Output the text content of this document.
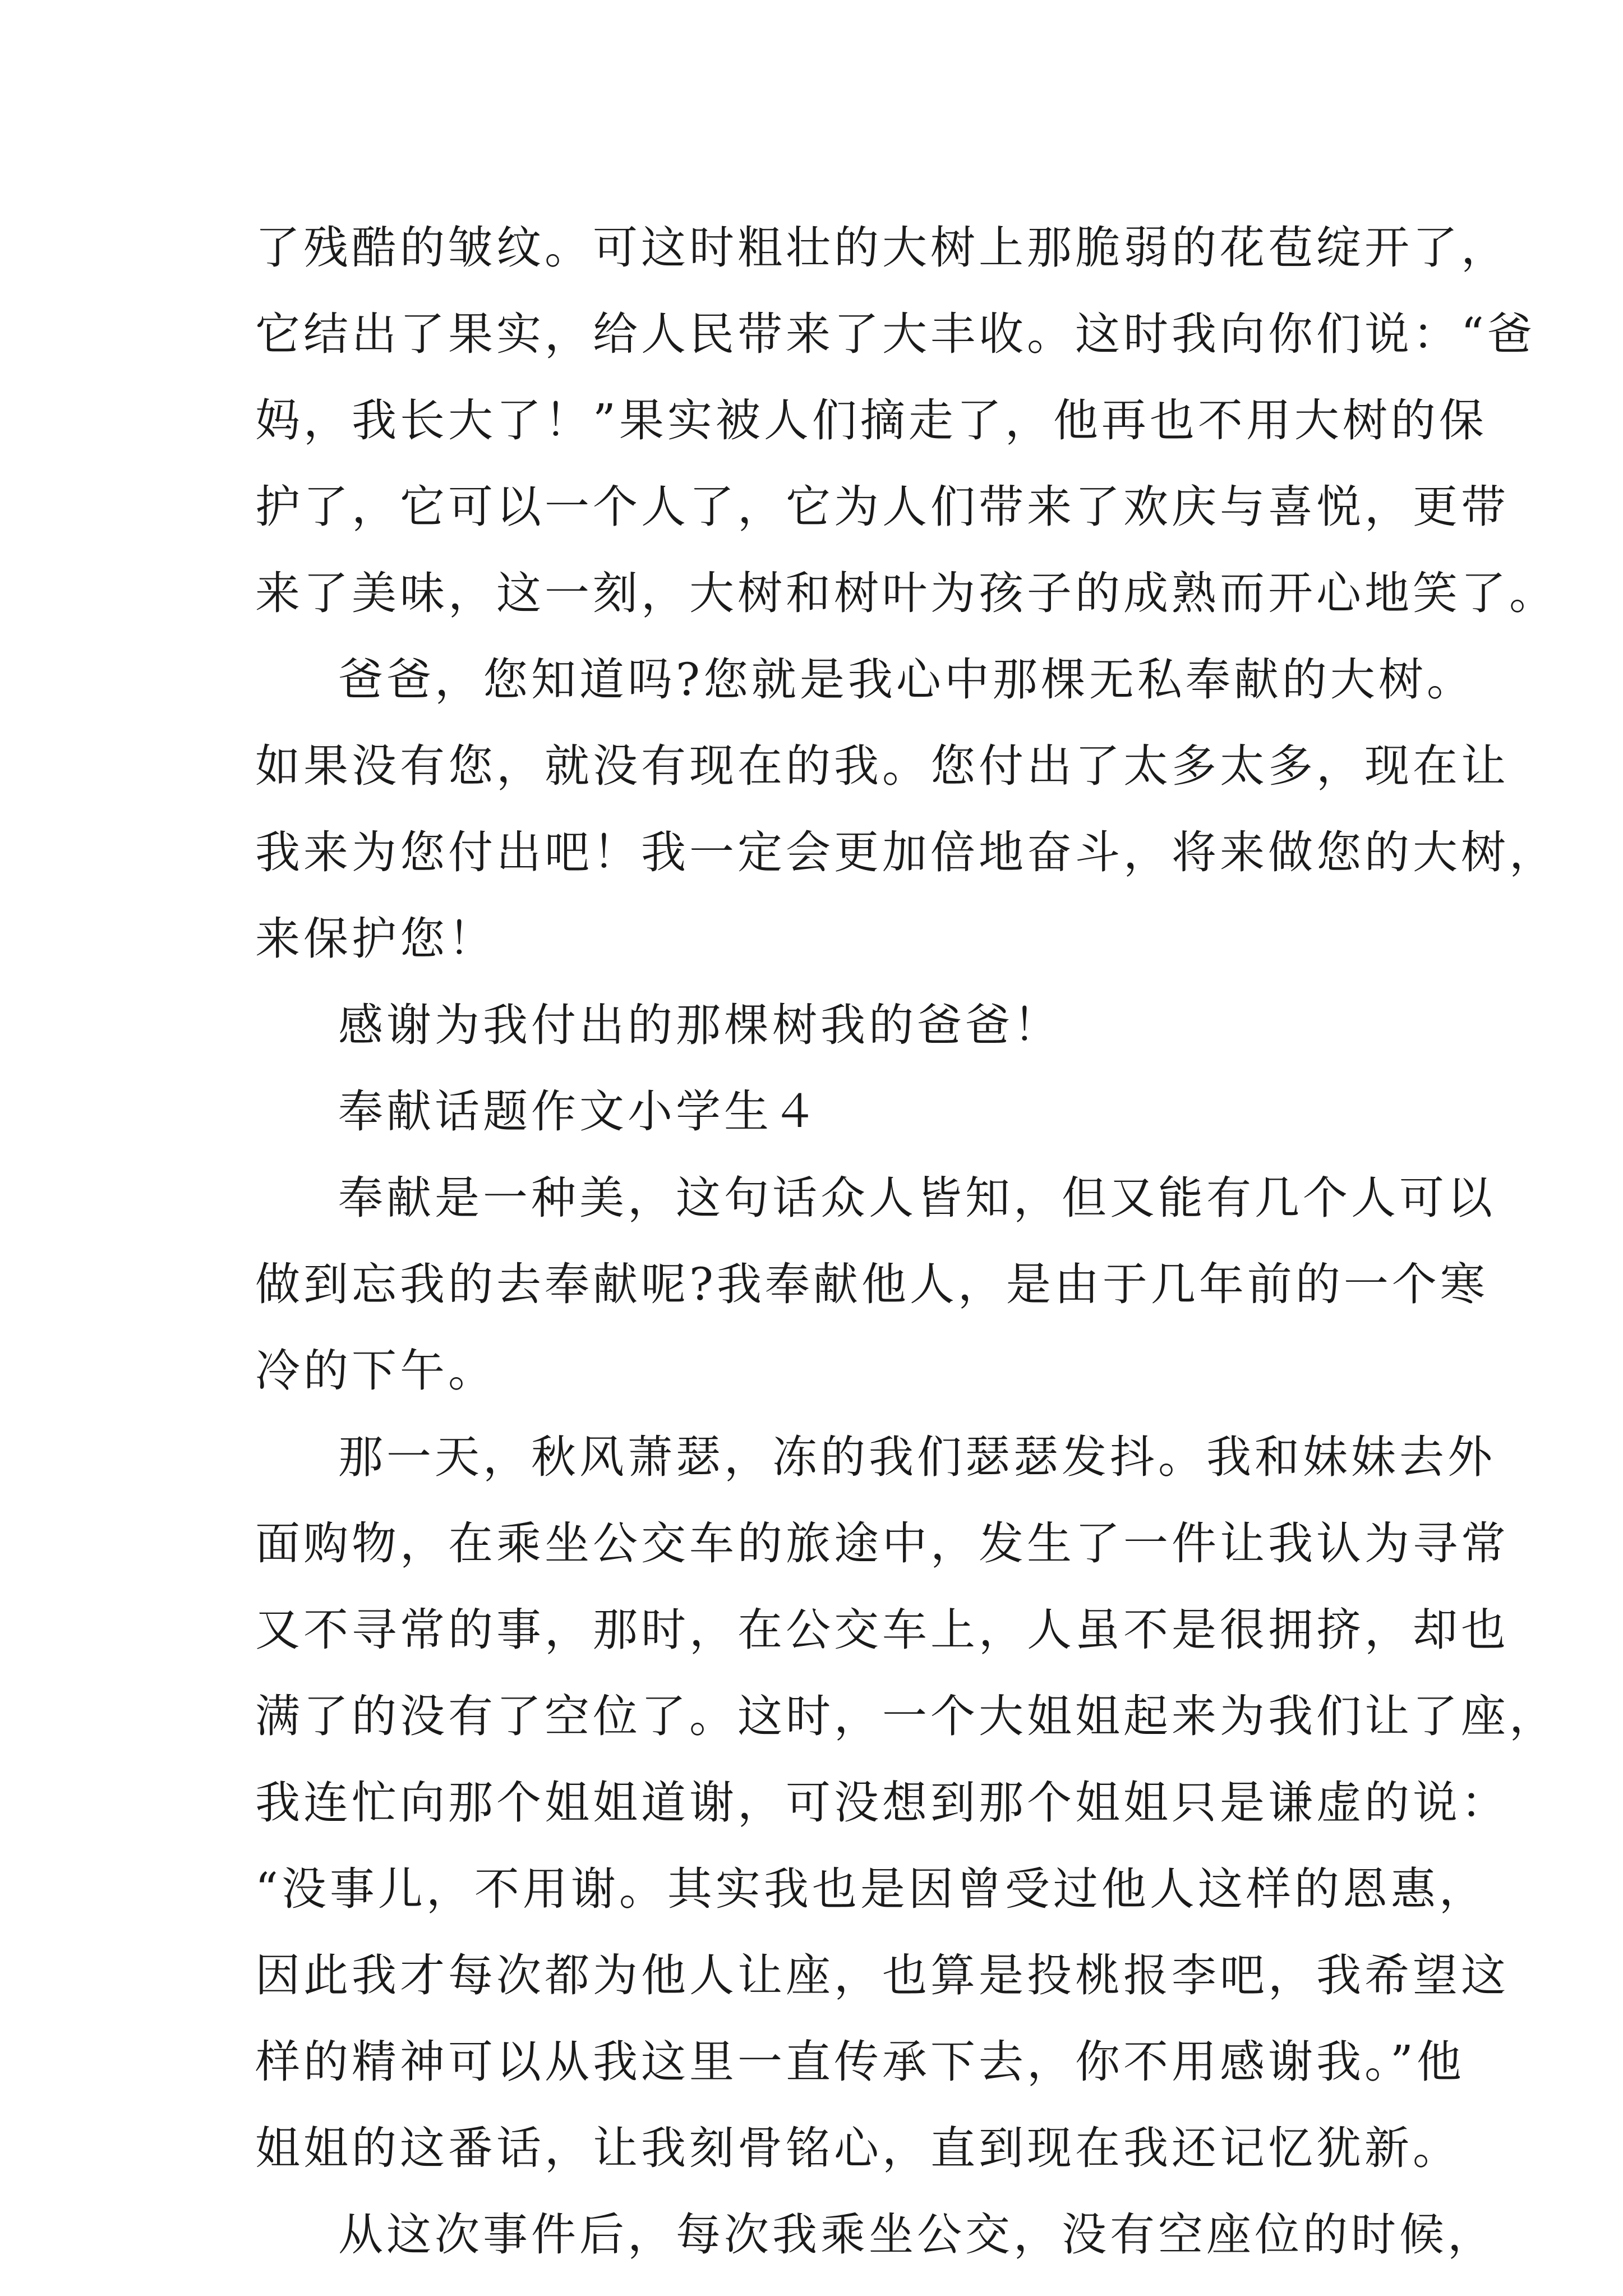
了残酷的皱纹。可这时粗壮的大树上那脆弱的花苞绽开了，
它结出了果实，给人民带来了大丰收。这时我向你们说：“爸
妈，我长大了！”果实被人们摘走了，他再也不用大树的保
护了，它可以一个人了，它为人们带来了欢庆与喜悦，更带
来了美味，这一刻，大树和树叶为孩子的成熟而开心地笑了。
爸爸，您知道吗?您就是我心中那棵无私奉献的大树。
如果没有您，就没有现在的我。您付出了太多太多，现在让
我来为您付出吧！我一定会更加倍地奋斗，将来做您的大树，
来保护您！
感谢为我付出的那棵树我的爸爸！
奉献话题作文小学生４
奉献是一种美，这句话众人皆知，但又能有几个人可以
做到忘我的去奉献呢?我奉献他人，是由于几年前的一个寒
冷的下午。
那一天，秋风萧瑟，冻的我们瑟瑟发抖。我和妹妹去外
面购物，在乘坐公交车的旅途中，发生了一件让我认为寻常
又不寻常的事，那时，在公交车上，人虽不是很拥挤，却也
满了的没有了空位了。这时，一个大姐姐起来为我们让了座，
我连忙向那个姐姐道谢，可没想到那个姐姐只是谦虚的说：
“没事儿，不用谢。其实我也是因曾受过他人这样的恩惠，
因此我才每次都为他人让座，也算是投桃报李吧，我希望这
样的精神可以从我这里一直传承下去，你不用感谢我。”他
姐姐的这番话，让我刻骨铭心，直到现在我还记忆犹新。
从这次事件后，每次我乘坐公交，没有空座位的时候，
